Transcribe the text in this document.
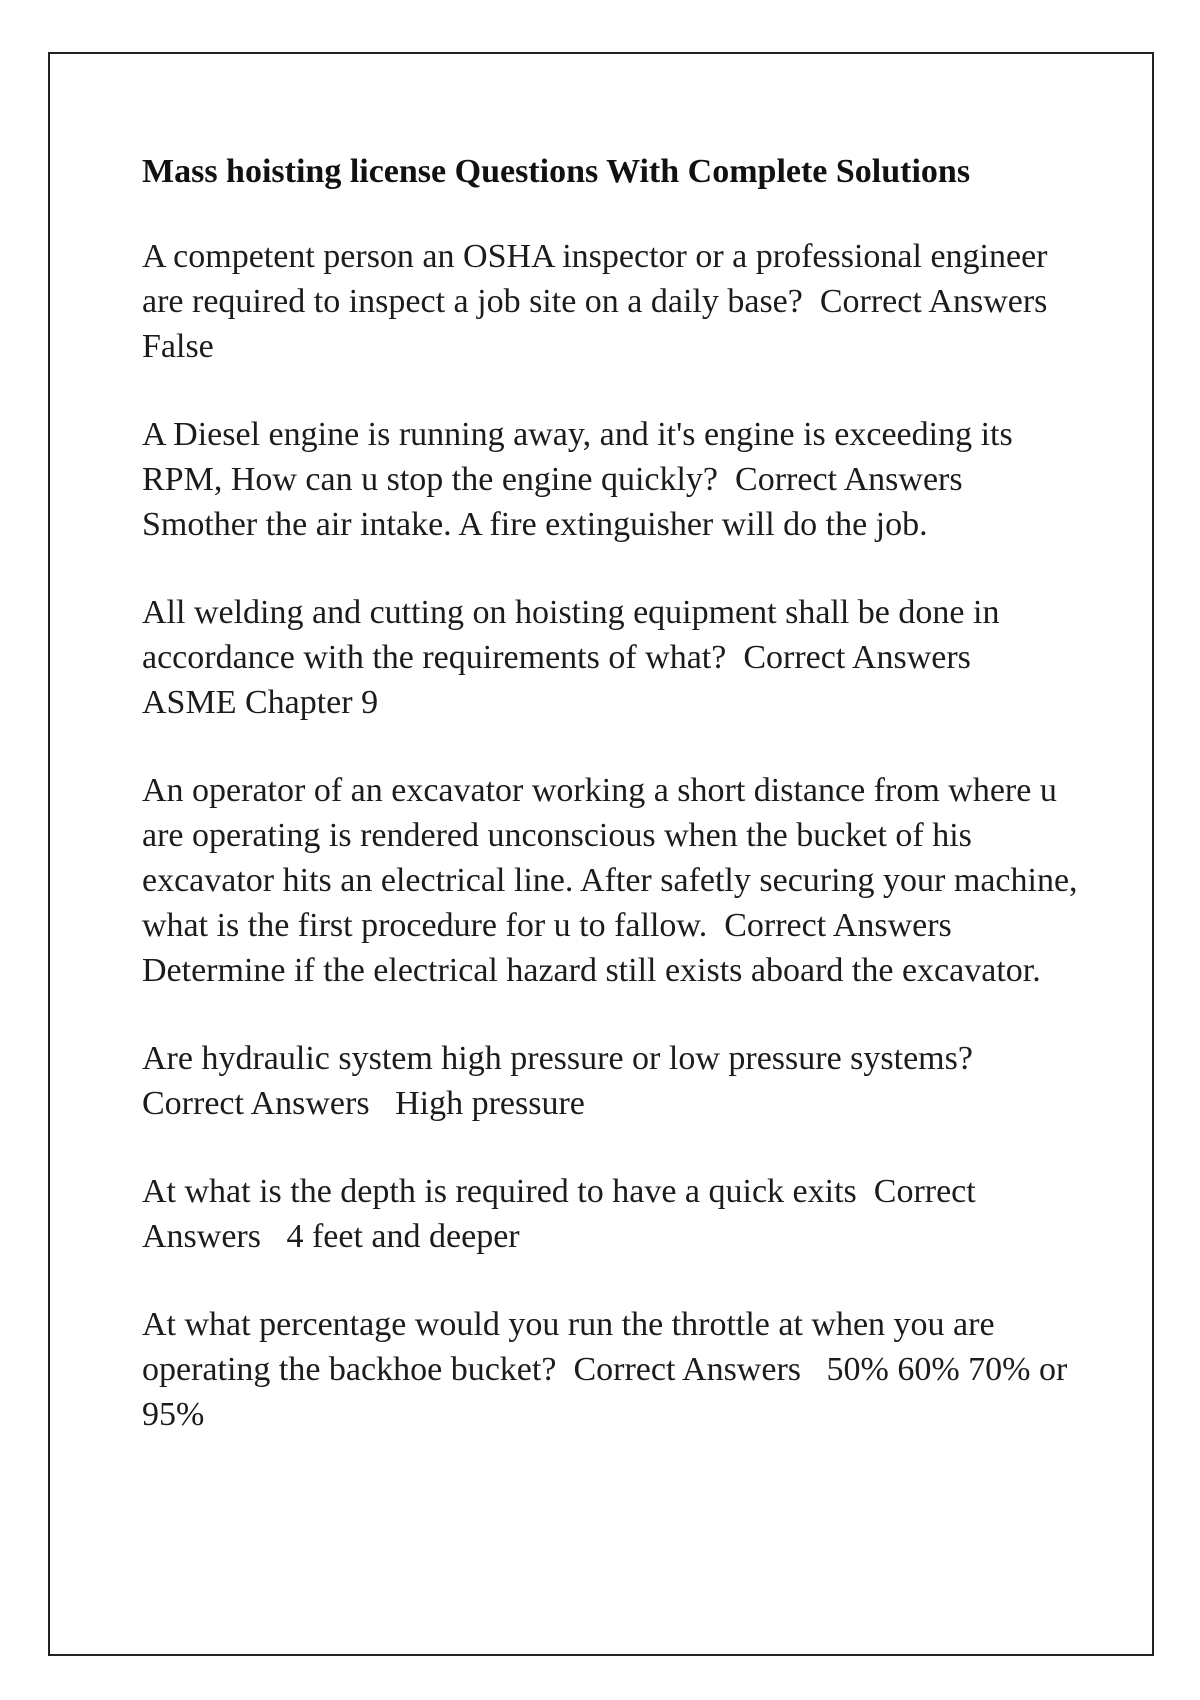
Mass hoisting license Questions With Complete Solutions
A competent person an OSHA inspector or a professional engineer are required to inspect a job site on a daily base?  Correct Answers   False
A Diesel engine is running away, and it's engine is exceeding its RPM, How can u stop the engine quickly?  Correct Answers   Smother the air intake. A fire extinguisher will do the job.
All welding and cutting on hoisting equipment shall be done in accordance with the requirements of what?  Correct Answers   ASME Chapter 9
An operator of an excavator working a short distance from where u are operating is rendered unconscious when the bucket of his excavator hits an electrical line. After safetly securing your machine, what is the first procedure for u to fallow.  Correct Answers   Determine if the electrical hazard still exists aboard the excavator.
Are hydraulic system high pressure or low pressure systems?  Correct Answers   High pressure
At what is the depth is required to have a quick exits  Correct Answers   4 feet and deeper
At what percentage would you run the throttle at when you are operating the backhoe bucket?  Correct Answers   50% 60% 70% or 95%
